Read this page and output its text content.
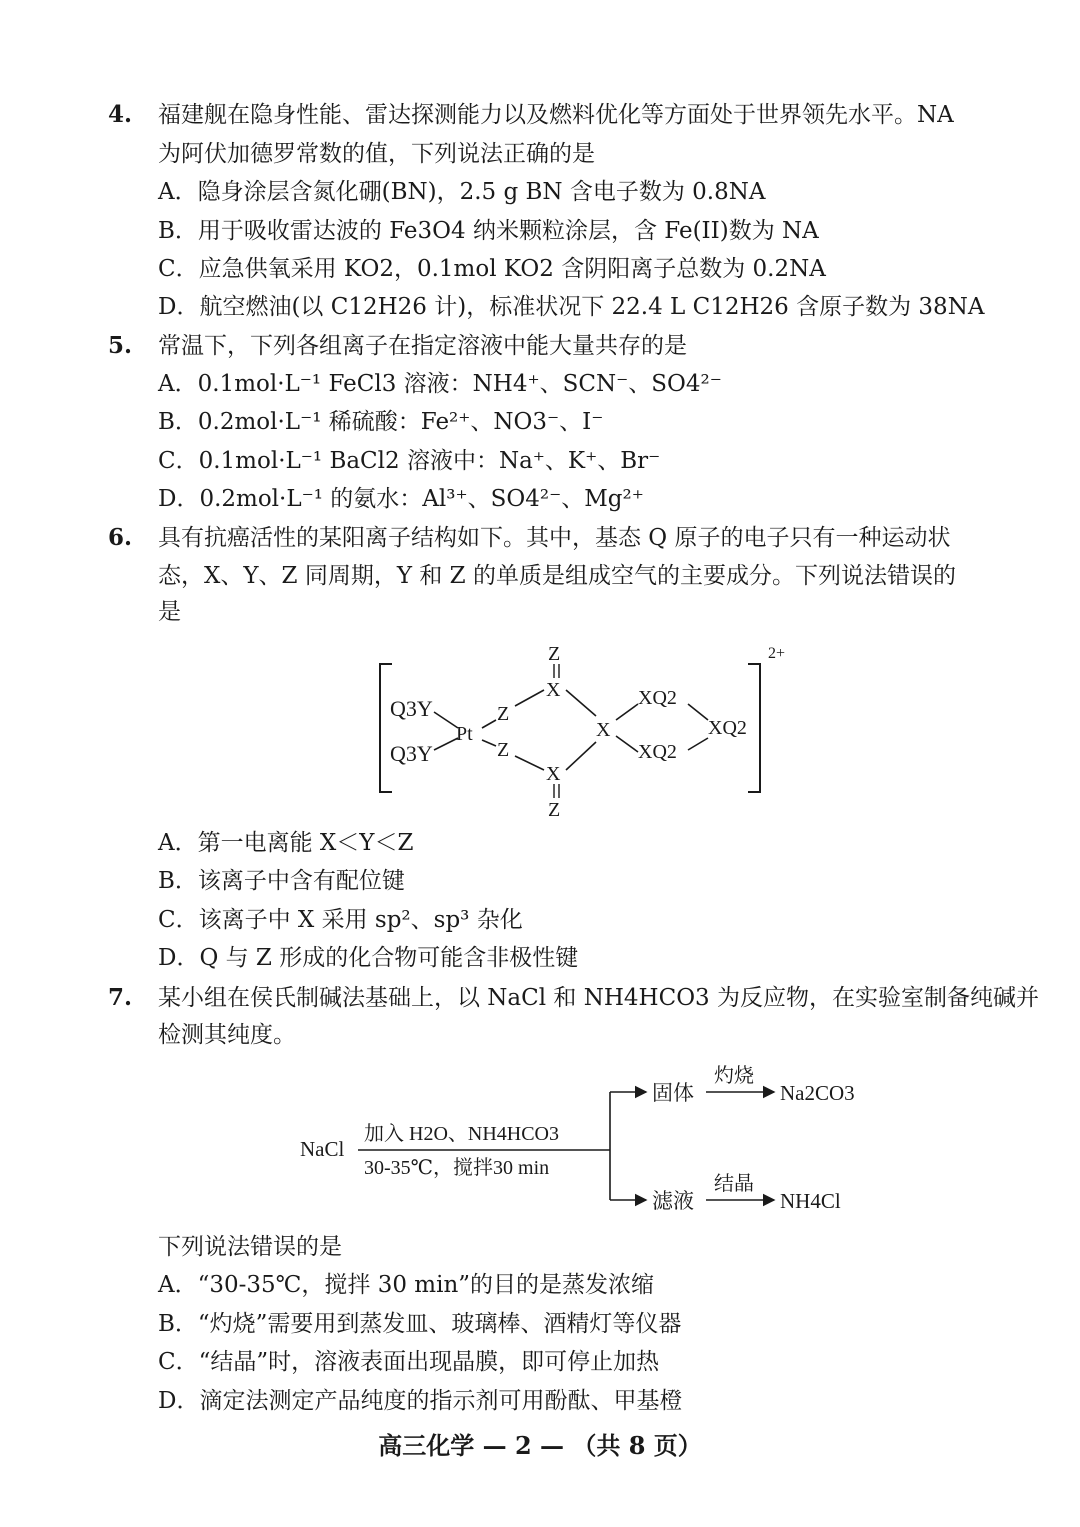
4. 福建舰在隐身性能、雷达探测能力以及燃料优化等方面处于世界领先水平。NA
为阿伏加德罗常数的值，下列说法正确的是
A．隐身涂层含氮化硼(BN)，2.5 g BN 含电子数为 0.8NA
B．用于吸收雷达波的 Fe3O4 纳米颗粒涂层，含 Fe(II)数为 NA
C．应急供氧采用 KO2，0.1mol KO2 含阴阳离子总数为 0.2NA
D．航空燃油(以 C12H26 计)，标准状况下 22.4 L C12H26 含原子数为 38NA
5. 常温下，下列各组离子在指定溶液中能大量共存的是
A．0.1mol·L⁻¹ FeCl3 溶液：NH4⁺、SCN⁻、SO4²⁻
B．0.2mol·L⁻¹ 稀硫酸：Fe²⁺、NO3⁻、I⁻
C．0.1mol·L⁻¹ BaCl2 溶液中：Na⁺、K⁺、Br⁻
D．0.2mol·L⁻¹ 的氨水：Al³⁺、SO4²⁻、Mg²⁺
6. 具有抗癌活性的某阳离子结构如下。其中，基态 Q 原子的电子只有一种运动状
态，X、Y、Z 同周期，Y 和 Z 的单质是组成空气的主要成分。下列说法错误的
是
2+
Q3Y
Q3Y
Pt
Z
Z
Z
X
X
Z
X
XQ2
XQ2
XQ2
A．第一电离能 X＜Y＜Z
B．该离子中含有配位键
C．该离子中 X 采用 sp²、sp³ 杂化
D．Q 与 Z 形成的化合物可能含非极性键
7. 某小组在侯氏制碱法基础上，以 NaCl 和 NH4HCO3 为反应物，在实验室制备纯碱并
检测其纯度。
NaCl
加入 H2O、NH4HCO3
30-35℃，搅拌30 min
固体
灼烧
Na2CO3
滤液
结晶
NH4Cl
下列说法错误的是
A．“30-35℃，搅拌 30 min”的目的是蒸发浓缩
B．“灼烧”需要用到蒸发皿、玻璃棒、酒精灯等仪器
C．“结晶”时，溶液表面出现晶膜，即可停止加热
D．滴定法测定产品纯度的指示剂可用酚酞、甲基橙
高三化学 — 2 — （共 8 页）
